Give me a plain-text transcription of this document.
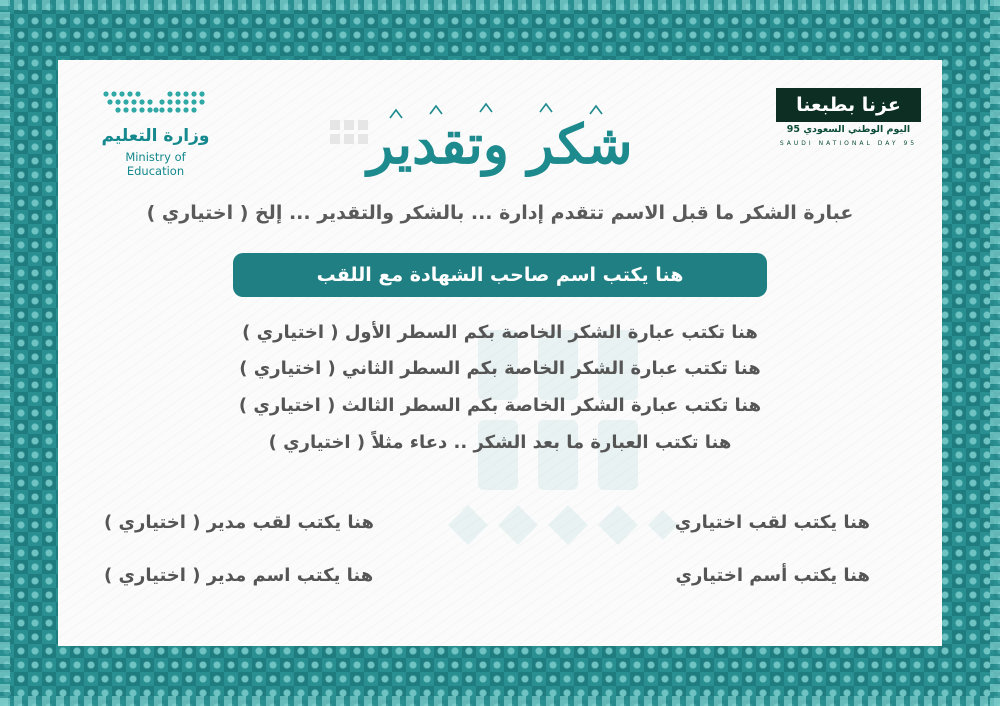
وزارة التعليم
Ministry of Education
عزنا بطبعنا
اليوم الوطني السعودي 95
SAUDI NATIONAL DAY 95
شكر وتقدير
عبارة الشكر ما قبل الاسم تتقدم إدارة ... بالشكر والتقدير ... إلخ ( اختياري )
هنا يكتب اسم صاحب الشهادة مع اللقب
هنا تكتب عبارة الشكر الخاصة بكم السطر الأول ( اختياري )
هنا تكتب عبارة الشكر الخاصة بكم السطر الثاني ( اختياري )
هنا تكتب عبارة الشكر الخاصة بكم السطر الثالث ( اختياري )
هنا تكتب العبارة ما بعد الشكر .. دعاء مثلاً ( اختياري )
هنا يكتب لقب اختياري
هنا يكتب أسم اختياري
هنا يكتب لقب مدير ( اختياري )
هنا يكتب اسم مدير ( اختياري )
